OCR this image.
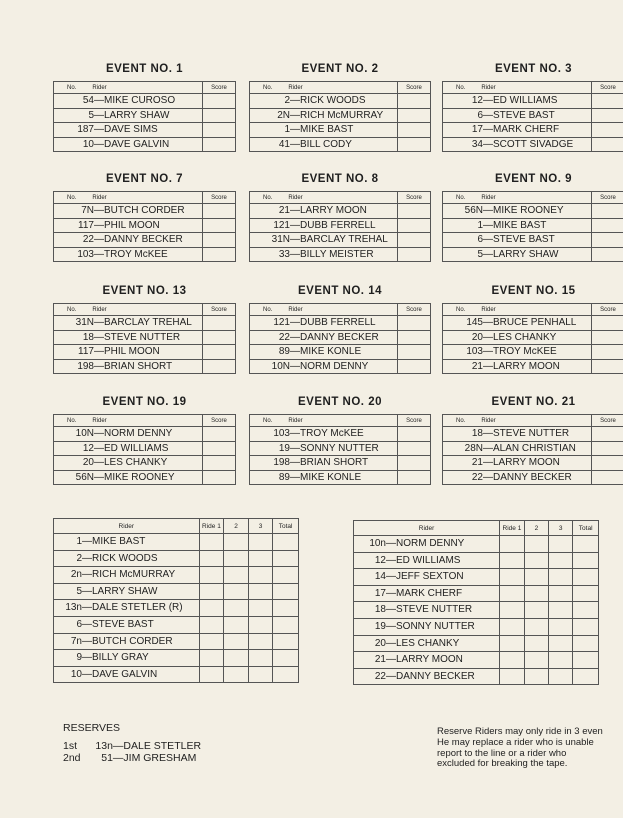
EVENT NO. 1
No. Rider	Score
54—MIKE CUROSO	
5—LARRY SHAW	
187—DAVE SIMS	
10—DAVE GALVIN	
EVENT NO. 2
No. Rider	Score
2—RICK WOODS	
2N—RICH McMURRAY	
1—MIKE BAST	
41—BILL CODY	
EVENT NO. 3
No. Rider	Score
12—ED WILLIAMS	
6—STEVE BAST	
17—MARK CHERF	
34—SCOTT SIVADGE	
EVENT NO. 7
No. Rider	Score
7N—BUTCH CORDER	
117—PHIL MOON	
22—DANNY BECKER	
103—TROY McKEE	
EVENT NO. 8
No. Rider	Score
21—LARRY MOON	
121—DUBB FERRELL	
31N—BARCLAY TREHAL	
33—BILLY MEISTER	
EVENT NO. 9
No. Rider	Score
56N—MIKE ROONEY	
1—MIKE BAST	
6—STEVE BAST	
5—LARRY SHAW	
EVENT NO. 13
No. Rider	Score
31N—BARCLAY TREHAL	
18—STEVE NUTTER	
117—PHIL MOON	
198—BRIAN SHORT	
EVENT NO. 14
No. Rider	Score
121—DUBB FERRELL	
22—DANNY BECKER	
89—MIKE KONLE	
10N—NORM DENNY	
EVENT NO. 15
No. Rider	Score
145—BRUCE PENHALL	
20—LES CHANKY	
103—TROY McKEE	
21—LARRY MOON	
EVENT NO. 19
No. Rider	Score
10N—NORM DENNY	
12—ED WILLIAMS	
20—LES CHANKY	
56N—MIKE ROONEY	
EVENT NO. 20
No. Rider	Score
103—TROY McKEE	
19—SONNY NUTTER	
198—BRIAN SHORT	
89—MIKE KONLE	
EVENT NO. 21
No. Rider	Score
18—STEVE NUTTER	
28N—ALAN CHRISTIAN	
21—LARRY MOON	
22—DANNY BECKER	
Rider	Ride 1	2	3	Total
1—MIKE BAST				
2—RICK WOODS				
2n—RICH McMURRAY				
5—LARRY SHAW				
13n—DALE STETLER (R)				
6—STEVE BAST				
7n—BUTCH CORDER				
9—BILLY GRAY				
10—DAVE GALVIN				
Rider	Ride 1	2	3	Total
10n—NORM DENNY				
12—ED WILLIAMS				
14—JEFF SEXTON				
17—MARK CHERF				
18—STEVE NUTTER				
19—SONNY NUTTER				
20—LES CHANKY				
21—LARRY MOON				
22—DANNY BECKER				
RESERVES
1st 13n—DALE STETLER
2nd 51—JIM GRESHAM
Reserve Riders may only ride in 3 even
He may replace a rider who is unable
report to the line or a rider who
excluded for breaking the tape.
